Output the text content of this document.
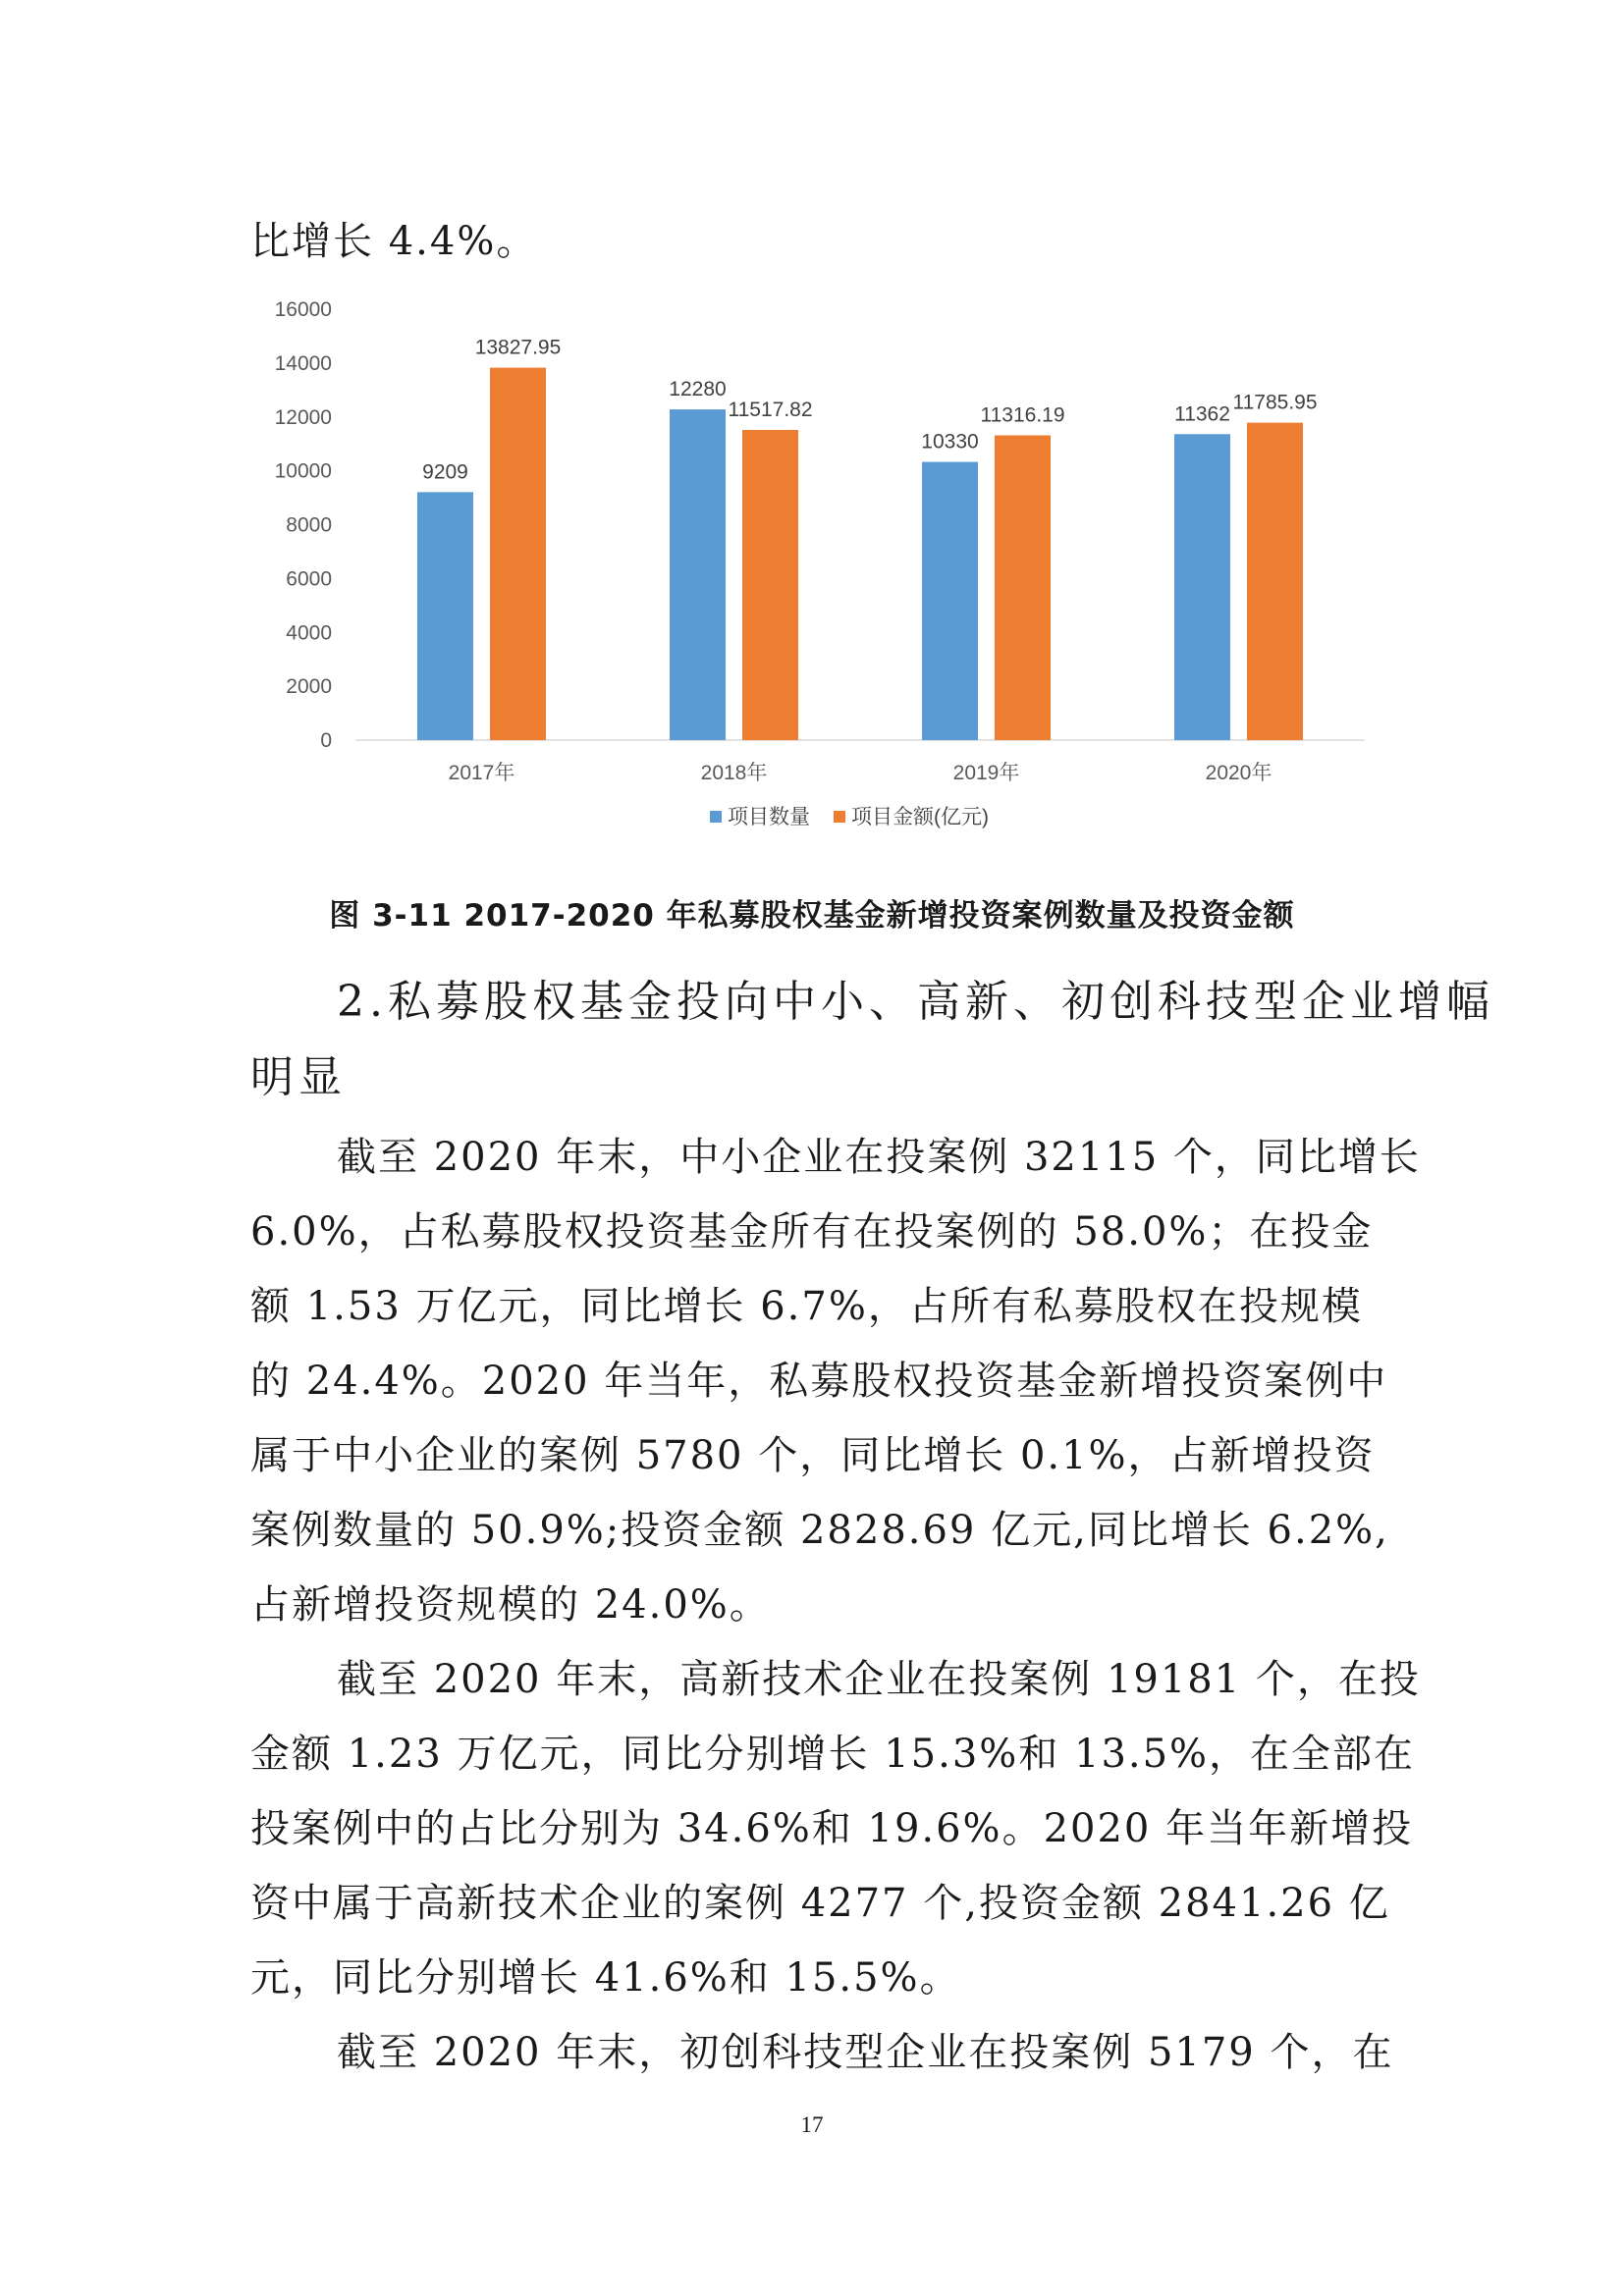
比增长 4.4%。

0
2000
4000
6000
8000
10000
12000
14000
16000
9209
13827.95
2017年
12280
11517.82
2018年
10330
11316.19
2019年
11362
11785.95
2020年
项目数量 项目金额(亿元)

图 3-11 2017-2020 年私募股权基金新增投资案例数量及投资金额

2.私募股权基金投向中小、高新、初创科技型企业增幅

明显

截至 2020 年末，中小企业在投案例 32115 个，同比增长

6.0%，占私募股权投资基金所有在投案例的 58.0%；在投金

额 1.53 万亿元，同比增长 6.7%，占所有私募股权在投规模

的 24.4%。2020 年当年，私募股权投资基金新增投资案例中

属于中小企业的案例 5780 个，同比增长 0.1%，占新增投资

案例数量的 50.9%;投资金额 2828.69 亿元,同比增长 6.2%,

占新增投资规模的 24.0%。

截至 2020 年末，高新技术企业在投案例 19181 个，在投

金额 1.23 万亿元，同比分别增长 15.3%和 13.5%，在全部在

投案例中的占比分别为 34.6%和 19.6%。2020 年当年新增投

资中属于高新技术企业的案例 4277 个,投资金额 2841.26 亿

元，同比分别增长 41.6%和 15.5%。

截至 2020 年末，初创科技型企业在投案例 5179 个，在

17
